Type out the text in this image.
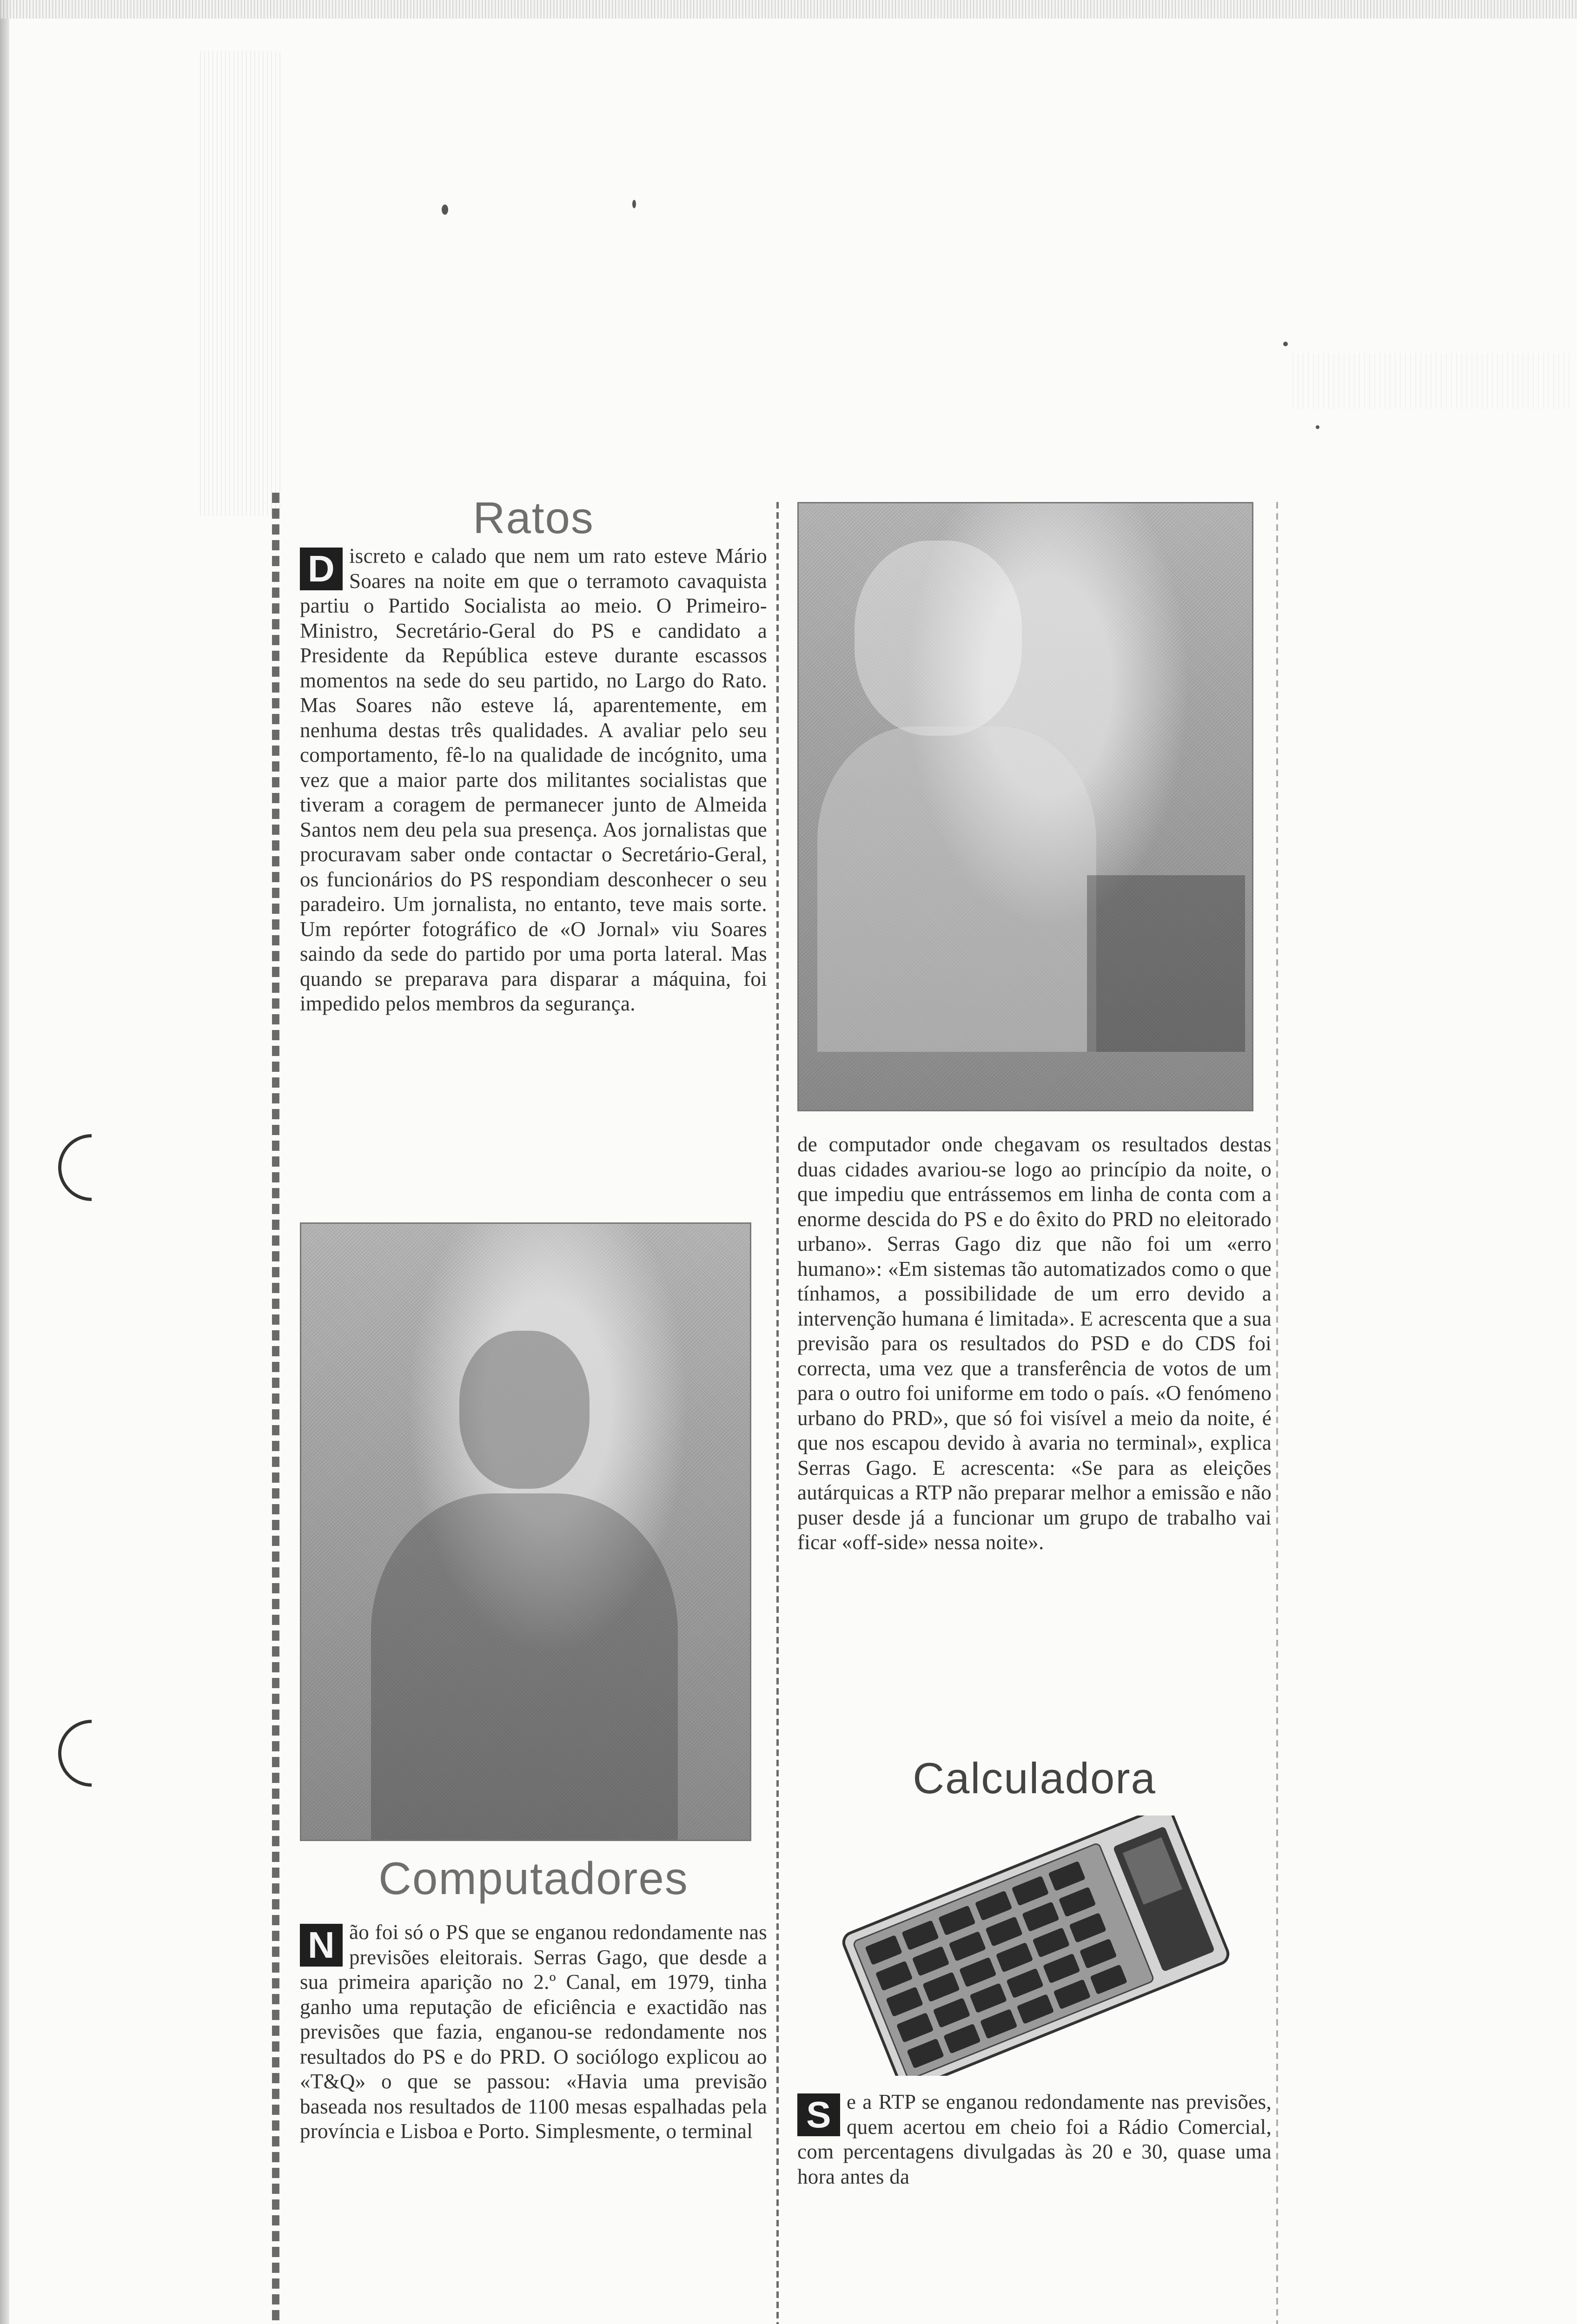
Ratos

D iscreto e calado que nem um rato esteve Mário Soares na noite em que o terramoto cavaquista partiu o Partido Socialista ao meio. O Primeiro-Ministro, Secretário-Geral do PS e candidato a Presidente da República esteve durante escassos momentos na sede do seu partido, no Largo do Rato. Mas Soares não esteve lá, aparentemente, em nenhuma destas três qualidades. A avaliar pelo seu comportamento, fê-lo na qualidade de incógnito, uma vez que a maior parte dos militantes socialistas que tiveram a coragem de permanecer junto de Almeida Santos nem deu pela sua presença. Aos jornalistas que procuravam saber onde contactar o Secretário-Geral, os funcionários do PS respondiam desconhecer o seu paradeiro. Um jornalista, no entanto, teve mais sorte. Um repórter fotográfico de «O Jornal» viu Soares saindo da sede do partido por uma porta lateral. Mas quando se preparava para disparar a máquina, foi impedido pelos membros da segurança.

Computadores

N ão foi só o PS que se enganou redondamente nas previsões eleitorais. Serras Gago, que desde a sua primeira aparição no 2.º Canal, em 1979, tinha ganho uma reputação de eficiência e exactidão nas previsões que fazia, enganou-se redondamente nos resultados do PS e do PRD. O sociólogo explicou ao «T&Q» o que se passou: «Havia uma previsão baseada nos resultados de 1100 mesas espalhadas pela província e Lisboa e Porto. Simplesmente, o terminal

de computador onde chegavam os resultados destas duas cidades avariou-se logo ao princípio da noite, o que impediu que entrássemos em linha de conta com a enorme descida do PS e do êxito do PRD no eleitorado urbano». Serras Gago diz que não foi um «erro humano»: «Em sistemas tão automatizados como o que tínhamos, a possibilidade de um erro devido a intervenção humana é limitada». E acrescenta que a sua previsão para os resultados do PSD e do CDS foi correcta, uma vez que a transferência de votos de um para o outro foi uniforme em todo o país. «O fenómeno urbano do PRD», que só foi visível a meio da noite, é que nos escapou devido à avaria no terminal», explica Serras Gago. E acrescenta: «Se para as eleições autárquicas a RTP não preparar melhor a emissão e não puser desde já a funcionar um grupo de trabalho vai ficar «off-side» nessa noite».

Calculadora

S e a RTP se enganou redondamente nas previsões, quem acertou em cheio foi a Rádio Comercial, com percentagens divulgadas às 20 e 30, quase uma hora antes da
